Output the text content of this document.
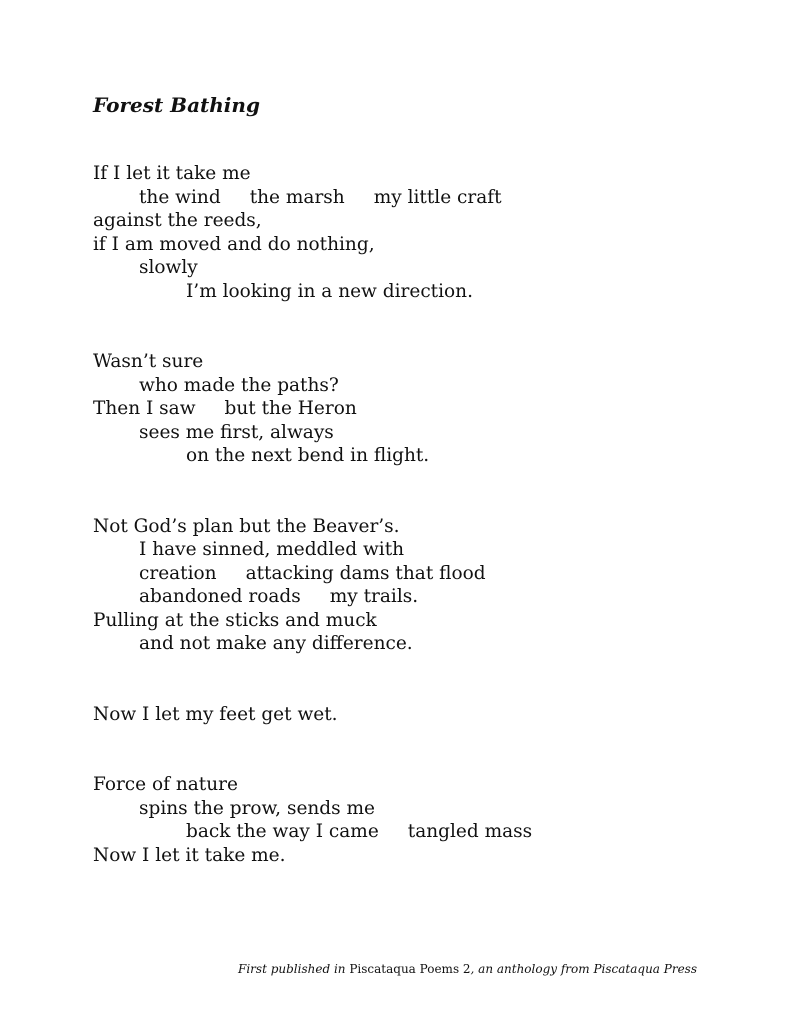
Forest Bathing
If I let it take me
the wind the marsh my little craft
against the reeds,
if I am moved and do nothing,
slowly
I’m looking in a new direction.
Wasn’t sure
who made the paths?
Then I saw but the Heron
sees me first, always
on the next bend in flight.
Not God’s plan but the Beaver’s.
I have sinned, meddled with
creation attacking dams that flood
abandoned roads my trails.
Pulling at the sticks and muck
and not make any difference.
Now I let my feet get wet.
Force of nature
spins the prow, sends me
back the way I came tangled mass
Now I let it take me.
First published in Piscataqua Poems 2, an anthology from Piscataqua Press
